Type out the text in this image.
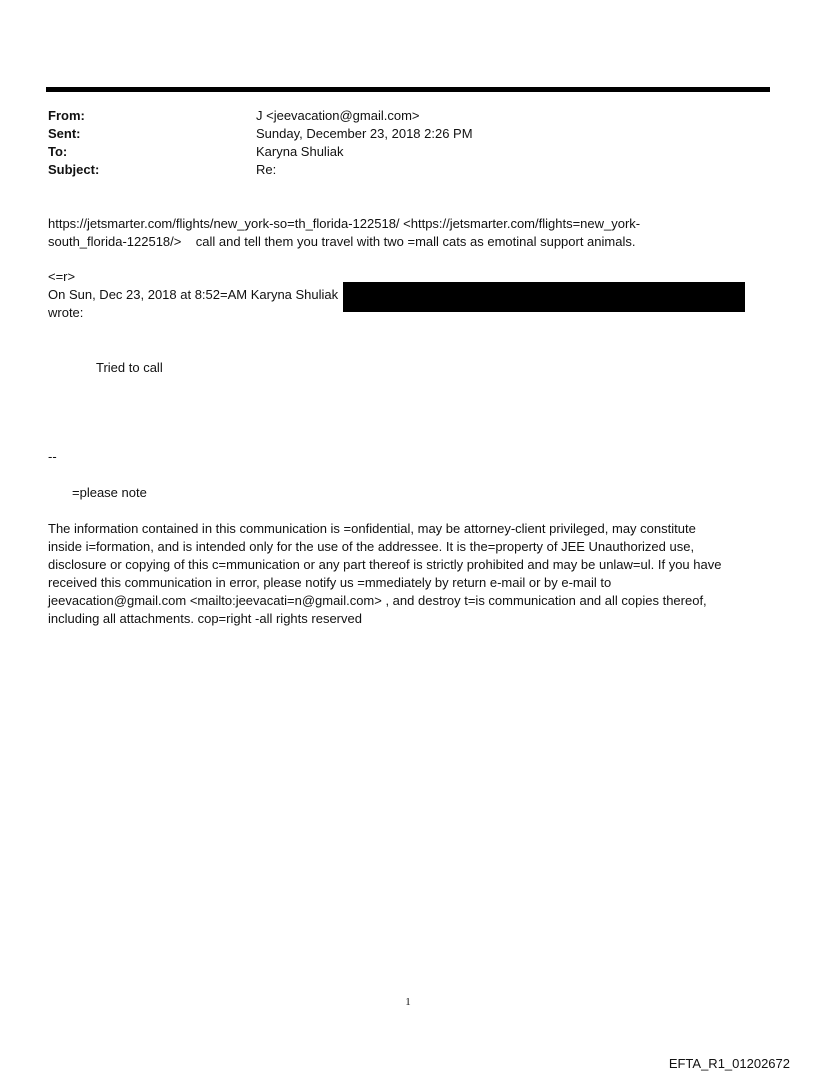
From:	J <jeevacation@gmail.com>
Sent:	Sunday, December 23, 2018 2:26 PM
To:	Karyna Shuliak
Subject:	Re:
https://jetsmarter.com/flights/new_york-so=th_florida-122518/ <https://jetsmarter.com/flights=new_york-
south_florida-122518/>    call and tell them you travel with two =mall cats as emotinal support animals.
<=r>
On Sun, Dec 23, 2018 at 8:52=AM Karyna Shuliak
wrote:
Tried to call
--
=please note
The information contained in this communication is =onfidential, may be attorney-client privileged, may constitute
inside i=formation, and is intended only for the use of the addressee. It is the=property of JEE Unauthorized use,
disclosure or copying of this c=mmunication or any part thereof is strictly prohibited and may be unlaw=ul. If you have
received this communication in error, please notify us =mmediately by return e-mail or by e-mail to
jeevacation@gmail.com <mailto:jeevacati=n@gmail.com> , and destroy t=is communication and all copies thereof,
including all attachments. cop=right -all rights reserved
1
EFTA_R1_01202672
